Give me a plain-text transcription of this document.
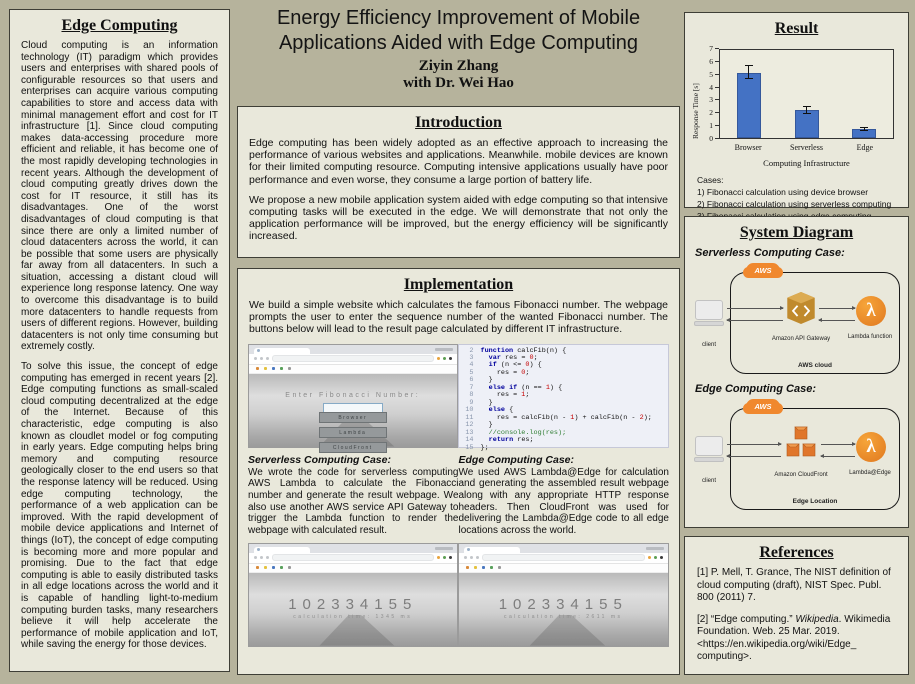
Edge Computing

Cloud computing is an information technology (IT) paradigm which provides users and enterprises with shared pools of configurable resources so that users and enterprises can acquire various computing capabilities to store and access data with minimal management effort and cost for IT infrastructure [1]. Since cloud computing makes data-accessing procedure more efficient and reliable, it has become one of the most rapidly developing technologies in recent years. Although the development of cloud computing greatly drives down the cost for IT resource, it still has its disadvantages. One of the worst disadvantages of cloud computing is that since there are only a limited number of cloud datacenters across the world, it can be possible that some users are physically far away from all datacenters. In such a situation, accessing a distant cloud will experience long response latency. One way to overcome this disadvantage is to build more datacenters to handle requests from users of different regions. However, building datacenters is not only time consuming but extremely costly.

To solve this issue, the concept of edge computing has emerged in recent years [2]. Edge computing functions as small-scaled cloud computing decentralized at the edge of the Internet. Because of this characteristic, edge computing is also known as cloudlet model or fog computing in early years. Edge computing helps bring memory and computing resource geologically closer to the end users so that the response latency will be reduced. Using edge computing technology, the performance of a web application can be improved. With the rapid development of mobile device applications and Internet of things (IoT), the concept of edge computing is becoming more and more popular and promising. Due to the fact that edge computing is able to easily distributed tasks in all edge locations across the world and it is capable of handling light-to-medium computing burden tasks, many researchers believe it will help accelerate the performance of mobile application and IoT, while saving the energy for those devices.

Energy Efficiency Improvement of Mobile
Applications Aided with Edge Computing
Ziyin Zhang
with Dr. Wei Hao
Introduction

Edge computing has been widely adopted as an effective approach to increasing the performance of various websites and applications. Meanwhile. mobile devices are known for their limited computing resource. Computing intensive applications usually have poor performance and even worse, they consume a large portion of battery life.

We propose a new mobile application system aided with edge computing so that intensive computing tasks will be executed in the edge. We will demonstrate that not only the application performance will be improved, but the energy efficiency will be significantly increased.

Implementation

We build a simple website which calculates the famous Fibonacci number. The webpage prompts the user to enter the sequence number of the wanted Fibonacci number. The buttons below will lead to the result page calculated by different IT infrastructure.

Enter Fibonacci Number:
Browser
Lambda
CloudFront
2 function calcFib(n) {
3	var res = 0;
4	if (n <= 0) {
5 res = 0;
6 }
7	else if (n == 1) {
8 res = 1;
9 }
10	else {
11 res = calcFib(n - 1) + calcFib(n - 2);
12 }
13	//console.log(res);
14	return res;
15 };
Serverless Computing Case:
We wrote the code for serverless computing AWS Lambda to calculate the Fibonacci number and generate the result webpage. We also use another AWS service API Gateway to trigger the Lambda function to render the webpage with calculated result.
Edge Computing Case:
We used AWS Lambda@Edge for calculation and generating the assembled result webpage along with any appropriate HTTP response headers. Then CloudFront was used for delivering the Lambda@Edge code to all edge locations across the world.
102334155
calculation time: 1345 ms
102334155
calculation time: 2611 ms
Result
Response Time [s] 0
1
2
3
4
5
6
7
Browser	Serverless	Edge
Computing Infrastructure
Cases:
1) Fibonacci calculation using device browser
2) Fibonacci calculation using serverless computing
System Diagram
Serverless Computing Case:
AWS
λ
client
Amazon API Gateway	Lambda function
AWS cloud
Edge Computing Case:
AWS
λ
client
Amazon CloudFront	Lambda@Edge
Edge Location
References

[1] P. Mell, T. Grance, The NIST definition of cloud computing (draft), NIST Spec. Publ. 800 (2011) 7.

[2] “Edge computing.” Wikipedia. Wikimedia Foundation. Web. 25 Mar. 2019. <https://en.wikipedia.org/wiki/Edge_ computing>.
